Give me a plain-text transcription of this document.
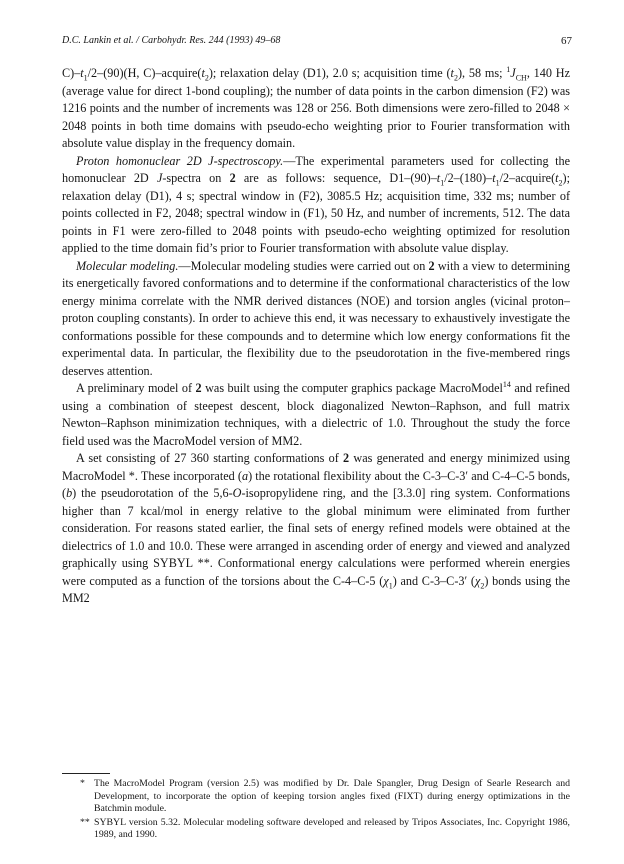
D.C. Lankin et al. / Carbohydr. Res. 244 (1993) 49–68	67

$C)-t_1/2-(90)(H$, $C)-acquire(t_2)$; relaxation delay (D1), 2.0 s; acquisition time $(t_2)$, 58 ms; $^1J_{CH}$, 140 Hz (average value for direct 1-bond coupling); the number of data points in the carbon dimension (F2) was 1216 points and the number of increments was 128 or 256. Both dimensions were zero-filled to 2048 × 2048 points in both time domains with pseudo-echo weighting prior to Fourier transformation with absolute value display in the frequency domain.

Proton homonuclear 2D J-spectroscopy.—The experimental parameters used for collecting the homonuclear 2D J-spectra on 2 are as follows: sequence, $D1-(90)-t_1/2-(180)-t_1/2-acquire(t_2)$; relaxation delay (D1), 4 s; spectral window in (F2), 3085.5 Hz; acquisition time, 332 ms; number of points collected in F2, 2048; spectral window in (F1), 50 Hz, and number of increments, 512. The data points in F1 were zero-filled to 2048 points with pseudo-echo weighting optimized for resolution applied to the time domain fid’s prior to Fourier transformation with absolute value display.

Molecular modeling.—Molecular modeling studies were carried out on 2 with a view to determining its energetically favored conformations and to determine if the conformational characteristics of the low energy minima correlate with the NMR derived distances (NOE) and torsion angles (vicinal proton–proton coupling constants). In order to achieve this end, it was necessary to exhaustively investigate the conformations possible for these compounds and to determine which low energy conformations fit the experimental data. In particular, the flexibility due to the pseudorotation in the five-membered rings deserves attention.

A preliminary model of 2 was built using the computer graphics package MacroModel$^{14}$ and refined using a combination of steepest descent, block diagonalized Newton–Raphson, and full matrix Newton–Raphson minimization techniques, with a dielectric of 1.0. Throughout the study the force field used was the MacroModel version of MM2.

A set consisting of 27 360 starting conformations of 2 was generated and energy minimized using MacroModel *. These incorporated (a) the rotational flexibility about the C-3–C-3′ and C-4–C-5 bonds, (b) the pseudorotation of the 5,6-O-isopropylidene ring, and the [3.3.0] ring system. Conformations higher than 7 kcal/mol in energy relative to the global minimum were eliminated from further consideration. For reasons stated earlier, the final sets of energy refined models were obtained at the dielectrics of 1.0 and 10.0. These were arranged in ascending order of energy and viewed and analyzed graphically using SYBYL **. Conformational energy calculations were performed wherein energies were computed as a function of the torsions about the C-4–C-5 $(\chi_1)$ and C-3–C-3′ $(\chi_2)$ bonds using the MM2

* The MacroModel Program (version 2.5) was modified by Dr. Dale Spangler, Drug Design of Searle Research and Development, to incorporate the option of keeping torsion angles fixed (FIXT) during energy optimizations in the Batchmin module.

** SYBYL version 5.32. Molecular modeling software developed and released by Tripos Associates, Inc. Copyright 1986, 1989, and 1990.
